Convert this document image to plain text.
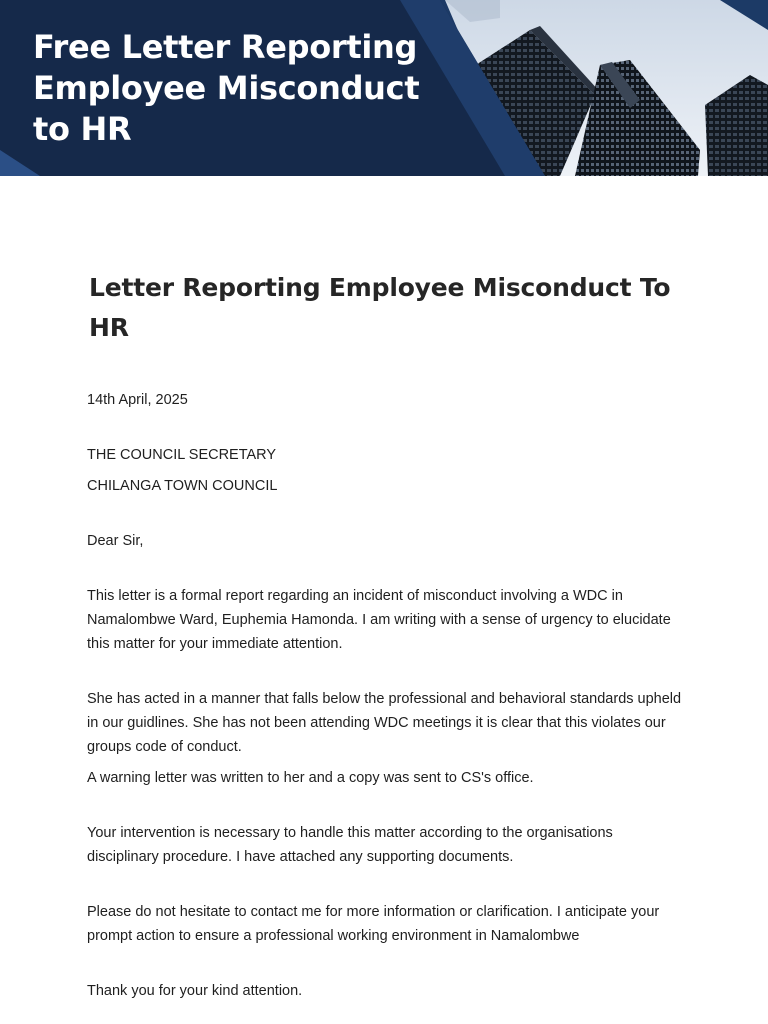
Free Letter Reporting Employee Misconduct to HR
Letter Reporting Employee Misconduct To HR

14th April, 2025

THE COUNCIL SECRETARY

CHILANGA TOWN COUNCIL

Dear Sir,

This letter is a formal report regarding an incident of misconduct involving a WDC in Namalombwe Ward, Euphemia Hamonda. I am writing with a sense of urgency to elucidate this matter for your immediate attention.

She has acted in a manner that falls below the professional and behavioral standards upheld in our guidlines. She has not been attending WDC meetings it is clear that this violates our groups code of conduct.

A warning letter was written to her and a copy was sent to CS's office.

Your intervention is necessary to handle this matter according to the organisations disciplinary procedure. I have attached any supporting documents.

Please do not hesitate to contact me for more information or clarification. I anticipate your prompt action to ensure a professional working environment in Namalombwe

Thank you for your kind attention.
